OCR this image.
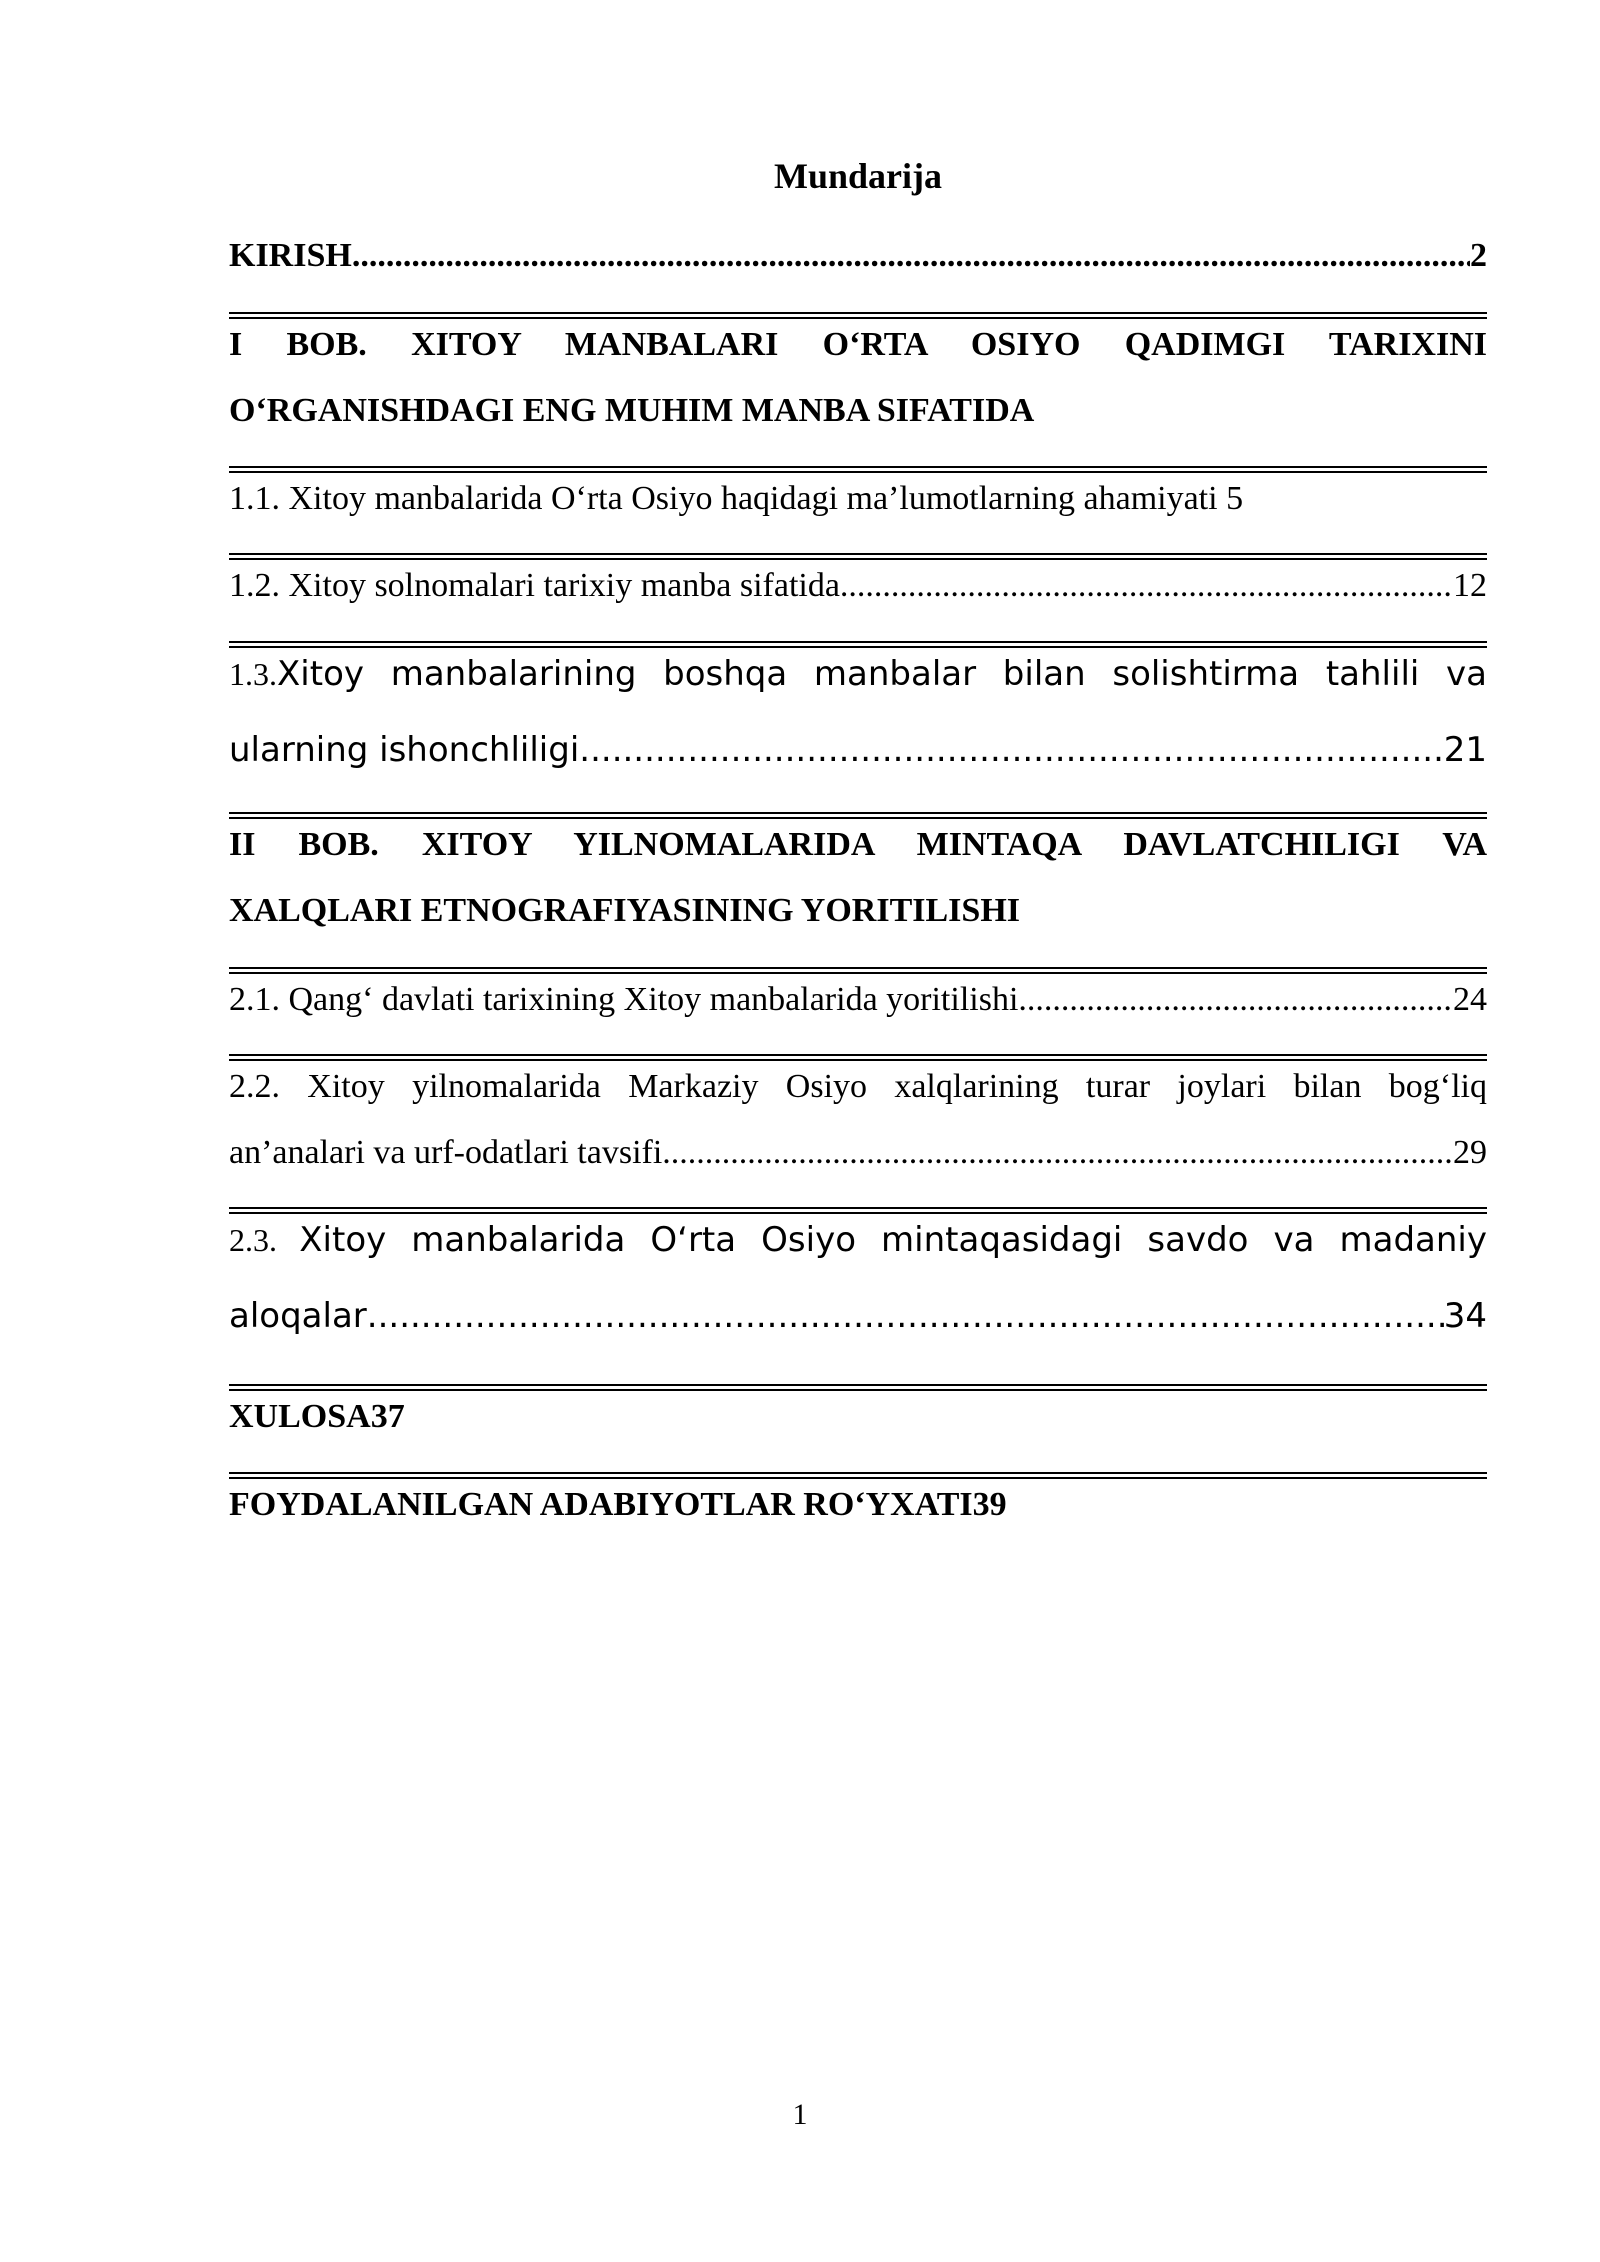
Mundarija
KIRISH .....	2
I BOB. XITOY MANBALARI O‘RTA OSIYO QADIMGI TARIXINI
O‘RGANISHDAGI ENG MUHIM MANBA SIFATIDA
1.1. Xitoy manbalarida O‘rta Osiyo haqidagi ma’lumotlarning ahamiyati 5
1.2. Xitoy solnomalari tarixiy manba sifatida .....	12
1.3.Xitoy manbalarining boshqa manbalar bilan solishtirma tahlili va
ularning ishonchliligi .....	21
II BOB. XITOY YILNOMALARIDA MINTAQA DAVLATCHILIGI VA
XALQLARI ETNOGRAFIYASINING YORITILISHI
2.1. Qang‘ davlati tarixining Xitoy manbalarida yoritilishi .....	24
2.2. Xitoy yilnomalarida Markaziy Osiyo xalqlarining turar joylari bilan bog‘liq
an’analari va urf-odatlari tavsifi .....	29
2.3. Xitoy manbalarida O‘rta Osiyo mintaqasidagi savdo va madaniy
aloqalar .....	34
XULOSA37
FOYDALANILGAN ADABIYOTLAR RO‘YXATI39
1
